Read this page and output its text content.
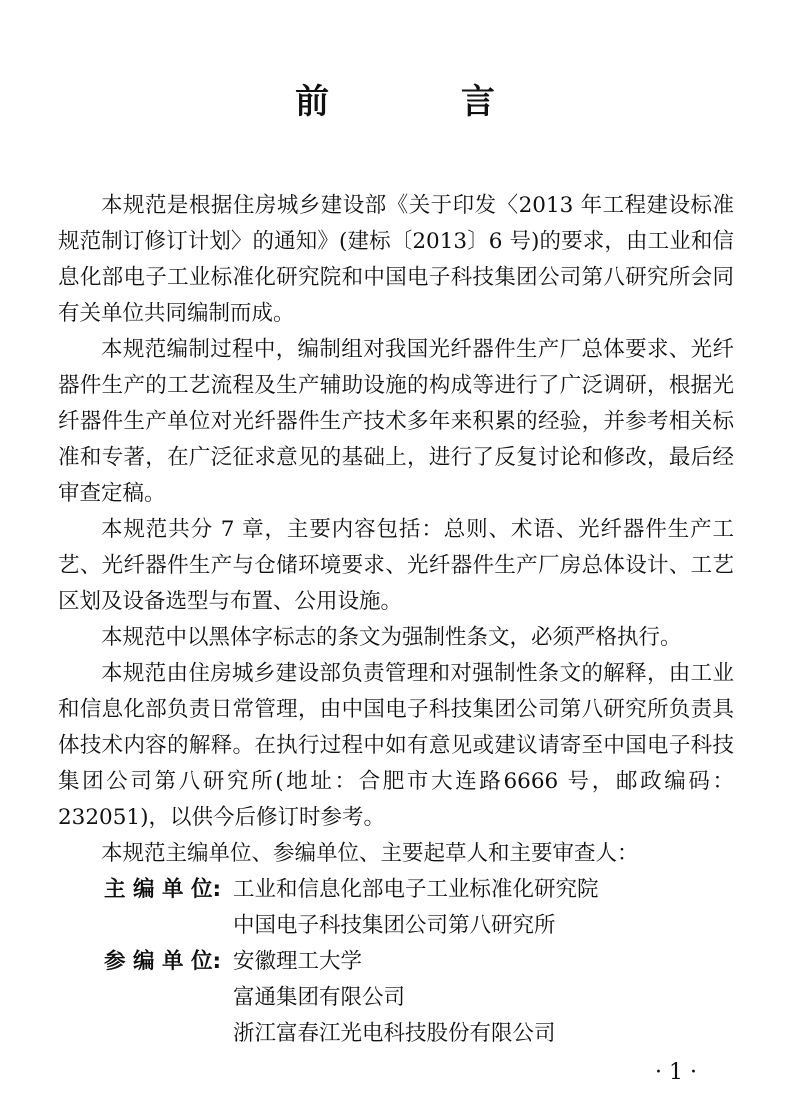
前 言

本规范是根据住房城乡建设部《关于印发〈2013 年工程建设标准规范制订修订计划〉的通知》(建标〔2013〕6 号)的要求，由工业和信息化部电子工业标准化研究院和中国电子科技集团公司第八研究所会同有关单位共同编制而成。

本规范编制过程中，编制组对我国光纤器件生产厂总体要求、光纤器件生产的工艺流程及生产辅助设施的构成等进行了广泛调研，根据光纤器件生产单位对光纤器件生产技术多年来积累的经验，并参考相关标准和专著，在广泛征求意见的基础上，进行了反复讨论和修改，最后经审查定稿。

本规范共分 7 章，主要内容包括：总则、术语、光纤器件生产工艺、光纤器件生产与仓储环境要求、光纤器件生产厂房总体设计、工艺区划及设备选型与布置、公用设施。

本规范中以黑体字标志的条文为强制性条文，必须严格执行。

本规范由住房城乡建设部负责管理和对强制性条文的解释，由工业和信息化部负责日常管理，由中国电子科技集团公司第八研究所负责具体技术内容的解释。在执行过程中如有意见或建议请寄至中国电子科技集团公司第八研究所(地址：合肥市大连路6666 号，邮政编码：232051)，以供今后修订时参考。

本规范主编单位、参编单位、主要起草人和主要审查人：

主 编 单 位: 工业和信息化部电子工业标准化研究院
中国电子科技集团公司第八研究所
参 编 单 位: 安徽理工大学
富通集团有限公司
浙江富春江光电科技股份有限公司
· 1 ·
